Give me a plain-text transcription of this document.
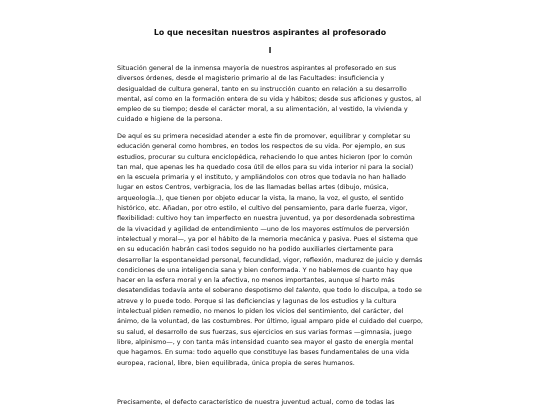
Lo que necesitan nuestros aspirantes al profesorado
I

Situación general de la inmensa mayoría de nuestros aspirantes al profesorado en sus diversos órdenes, desde el magisterio primario al de las Facultades: insuficiencia y desigualdad de cultura general, tanto en su instrucción cuanto en relación a su desarrollo mental, así como en la formación entera de su vida y hábitos; desde sus aficiones y gustos, al empleo de su tiempo; desde el carácter moral, a su alimentación, al vestido, la vivienda y cuidado e higiene de la persona.

De aquí es su primera necesidad atender a este fin de promover, equilibrar y completar su educación general como hombres, en todos los respectos de su vida. Por ejemplo, en sus estudios, procurar su cultura enciclopédica, rehaciendo lo que antes hicieron (por lo común tan mal, que apenas les ha quedado cosa útil de ellos para su vida interior ni para la social) en la escuela primaria y el instituto, y ampliándolos con otros que todavía no han hallado lugar en estos Centros, verbigracia, los de las llamadas bellas artes (dibujo, música, arqueología..), que tienen por objeto educar la vista, la mano, la voz, el gusto, el sentido histórico, etc. Añadan, por otro estilo, el cultivo del pensamiento, para darle fuerza, vigor, flexibilidad: cultivo hoy tan imperfecto en nuestra juventud, ya por desordenada sobrestima de la vivacidad y agilidad de entendimiento —uno de los mayores estímulos de perversión intelectual y moral—, ya por el hábito de la memoria mecánica y pasiva. Pues el sistema que en su educación habrán casi todos seguido no ha podido auxiliarles ciertamente para desarrollar la espontaneidad personal, fecundidad, vigor, reflexión, madurez de juicio y demás condiciones de una inteligencia sana y bien conformada. Y no hablemos de cuanto hay que hacer en la esfera moral y en la afectiva, no menos importantes, aunque sí harto más desatendidas todavía ante el soberano despotismo del talento, que todo lo disculpa, a todo se atreve y lo puede todo. Porque si las deficiencias y lagunas de los estudios y la cultura intelectual piden remedio, no menos lo piden los vicios del sentimiento, del carácter, del ánimo, de la voluntad, de las costumbres. Por último, igual amparo pide el cuidado del cuerpo, su salud, el desarrollo de sus fuerzas, sus ejercicios en sus varias formas —gimnasia, juego libre, alpinismo—, y con tanta más intensidad cuanto sea mayor el gasto de energía mental que hagamos. En suma: todo aquello que constituye las bases fundamentales de una vida europea, racional, libre, bien equilibrada, única propia de seres humanos.

Precisamente, el defecto característico de nuestra juventud actual, como de todas las
